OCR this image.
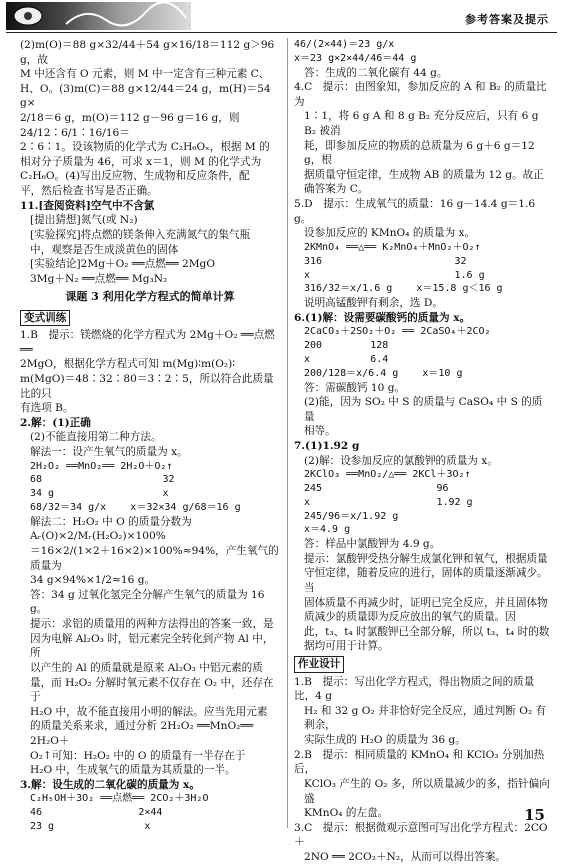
参考答案及提示
(2)m(O)＝88 g×32/44＋54 g×16/18＝112 g＞96 g，故
M 中还含有 O 元素，则 M 中一定含有三种元素 C、
H、O。(3)m(C)＝88 g×12/44＝24 g，m(H)＝54 g×
2/18＝6 g，m(O)＝112 g－96 g＝16 g，则 24/12∶6/1∶16/16＝
2∶6∶1。设该物质的化学式为 C₂H₆Oₓ，根据 M 的
相对分子质量为 46，可求 x＝1，则 M 的化学式为
C₂H₆O。(4)写出反应物、生成物和反应条件，配
平，然后检查书写是否正确。
11.[查阅资料]空气中不含氯
[提出猜想]氮气(或 N₂)
[实验探究]将点燃的镁条伸入充满氮气的集气瓶
中，观察是否生成淡黄色的固体
[实验结论]2Mg＋O₂ ══点燃══ 2MgO
3Mg＋N₂ ══点燃══ Mg₃N₂
课题 3 利用化学方程式的简单计算
变式训练
1.B　提示：镁燃烧的化学方程式为 2Mg＋O₂ ══点燃══
2MgO，根据化学方程式可知 m(Mg)∶m(O₂)∶
m(MgO)＝48∶32∶80＝3∶2∶5，所以符合此质量比的只
有选项 B。
2.解：(1)正确
(2)不能直接用第二种方法。
解法一：设产生氧气的质量为 x。
2H₂O₂ ══MnO₂══ 2H₂O＋O₂↑
68                    32
34 g                  x
68/32＝34 g/x    x＝32×34 g/68＝16 g
解法二：H₂O₂ 中 O 的质量分数为 Aᵣ(O)×2/Mᵣ(H₂O₂)×100%
＝16×2/(1×2＋16×2)×100%≈94%，产生氧气的质量为
34 g×94%×1/2≈16 g。
答：34 g 过氧化氢完全分解产生氧气的质量为 16 g。
提示：求铝的质量用的两种方法得出的答案一致，是
因为电解 Al₂O₃ 时，铝元素完全转化到产物 Al 中，所
以产生的 Al 的质量就是原来 Al₂O₃ 中铝元素的质
量，而 H₂O₂ 分解时氧元素不仅存在 O₂ 中，还存在于
H₂O 中，故不能直接用小明的解法。应当先用元素
的质量关系来求，通过分析 2H₂O₂ ══MnO₂══ 2H₂O＋
O₂↑可知：H₂O₂ 中的 O 的质量有一半存在于
H₂O 中，生成氧气的质量为其质量的一半。
3.解：设生成的二氧化碳的质量为 x。
C₂H₅OH＋3O₂ ══点燃══ 2CO₂＋3H₂O
46                2×44
23 g               x
46/(2×44)＝23 g/x
x＝23 g×2×44/46＝44 g
答：生成的二氧化碳有 44 g。
4.C　提示：由图象知，参加反应的 A 和 B₂ 的质量比为
1∶1，将 6 g A 和 8 g B₂ 充分反应后，只有 6 g B₂ 被消
耗，即参加反应的物质的总质量为 6 g＋6 g＝12 g，根
据质量守恒定律，生成物 AB 的质量为 12 g。故正
确答案为 C。
5.D　提示：生成氧气的质量：16 g－14.4 g＝1.6 g。
设参加反应的 KMnO₄ 的质量为 x。
2KMnO₄ ══△══ K₂MnO₄＋MnO₂＋O₂↑
316                      32
x                        1.6 g
316/32＝x/1.6 g    x＝15.8 g＜16 g
说明高锰酸钾有剩余，选 D。
6.(1)解：设需要碳酸钙的质量为 x。
2CaCO₃＋2SO₂＋O₂ ══ 2CaSO₄＋2CO₂
200        128
x          6.4
200/128＝x/6.4 g    x＝10 g
答：需碳酸钙 10 g。
(2)能，因为 SO₂ 中 S 的质量与 CaSO₄ 中 S 的质量
相等。
7.(1)1.92 g
(2)解：设参加反应的氯酸钾的质量为 x。
2KClO₃ ══MnO₂/△══ 2KCl＋3O₂↑
245                   96
x                     1.92 g
245/96＝x/1.92 g
x＝4.9 g
答：样品中氯酸钾为 4.9 g。
提示：氯酸钾受热分解生成氯化钾和氧气，根据质量
守恒定律，随着反应的进行，固体的质量逐渐减少。当
固体质量不再减少时，证明已完全反应，并且固体物
质减少的质量即为反应放出的氧气的质量。因
此，t₃、t₄ 时氯酸钾已全部分解，所以 t₃、t₄ 时的数
据均可用于计算。
作业设计
1.B　提示：写出化学方程式，得出物质之间的质量比，4 g
H₂ 和 32 g O₂ 并非恰好完全反应，通过判断 O₂ 有剩余，
实际生成的 H₂O 的质量为 36 g。
2.B　提示：相同质量的 KMnO₄ 和 KClO₃ 分别加热后，
KClO₃ 产生的 O₂ 多，所以质量减少的多，指针偏向盛
KMnO₄ 的左盘。
3.C　提示：根据微观示意图可写出化学方程式：2CO＋
2NO ══ 2CO₂＋N₂，从而可以得出答案。
15
